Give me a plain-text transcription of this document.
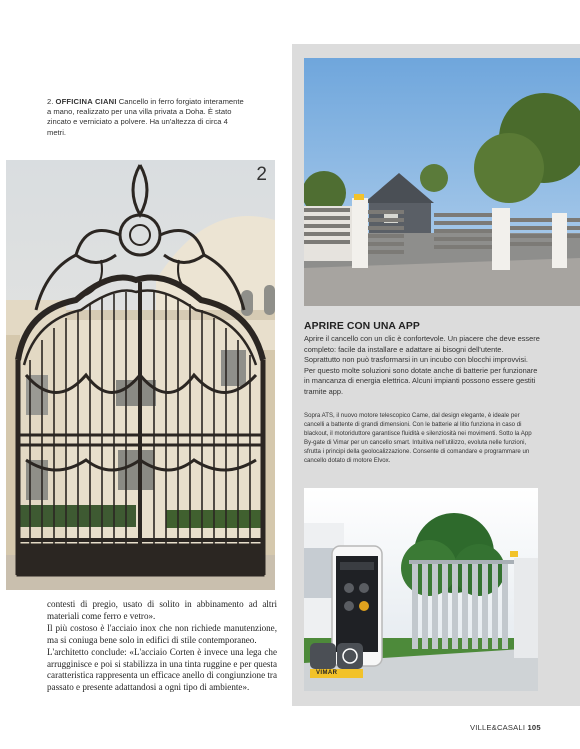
2. OFFICINA CIANI Cancello in ferro forgiato interamente a mano, realizzato per una villa privata a Doha. È stato zincato e verniciato a polvere. Ha un'altezza di circa 4 metri.
2

contesti di pregio, usato di solito in abbinamento ad altri materiali come ferro e vetro».

Il più costoso è l'acciaio inox che non richiede manutenzione, ma si coniuga bene solo in edifici di stile contemporaneo.

L'architetto conclude: «L'acciaio Corten è invece una lega che arrugginisce e poi si stabilizza in una tinta ruggine e per questa caratteristica rappresenta un efficace anello di congiunzione tra passato e presente adattandosi a ogni tipo di ambiente».

APRIRE CON UNA APP
Aprire il cancello con un clic è confortevole. Un piacere che deve essere completo: facile da installare e adattare ai bisogni dell'utente. Soprattutto non può trasformarsi in un incubo con blocchi improvvisi. Per questo molte soluzioni sono dotate anche di batterie per funzionare in mancanza di energia elettrica. Alcuni impianti possono essere gestiti tramite app.
Sopra ATS, il nuovo motore telescopico Came, dal design elegante, è ideale per cancelli a battente di grandi dimensioni. Con le batterie al litio funziona in caso di blackout, il motoriduttore garantisce fluidità e silenziosità nei movimenti. Sotto la App By-gate di Vimar per un cancello smart. Intuitiva nell'utilizzo, evoluta nelle funzioni, sfrutta i principi della geolocalizzazione. Consente di comandare e programmare un cancello dotato di motore Elvox.
VIMAR
VILLE&CASALI 105
